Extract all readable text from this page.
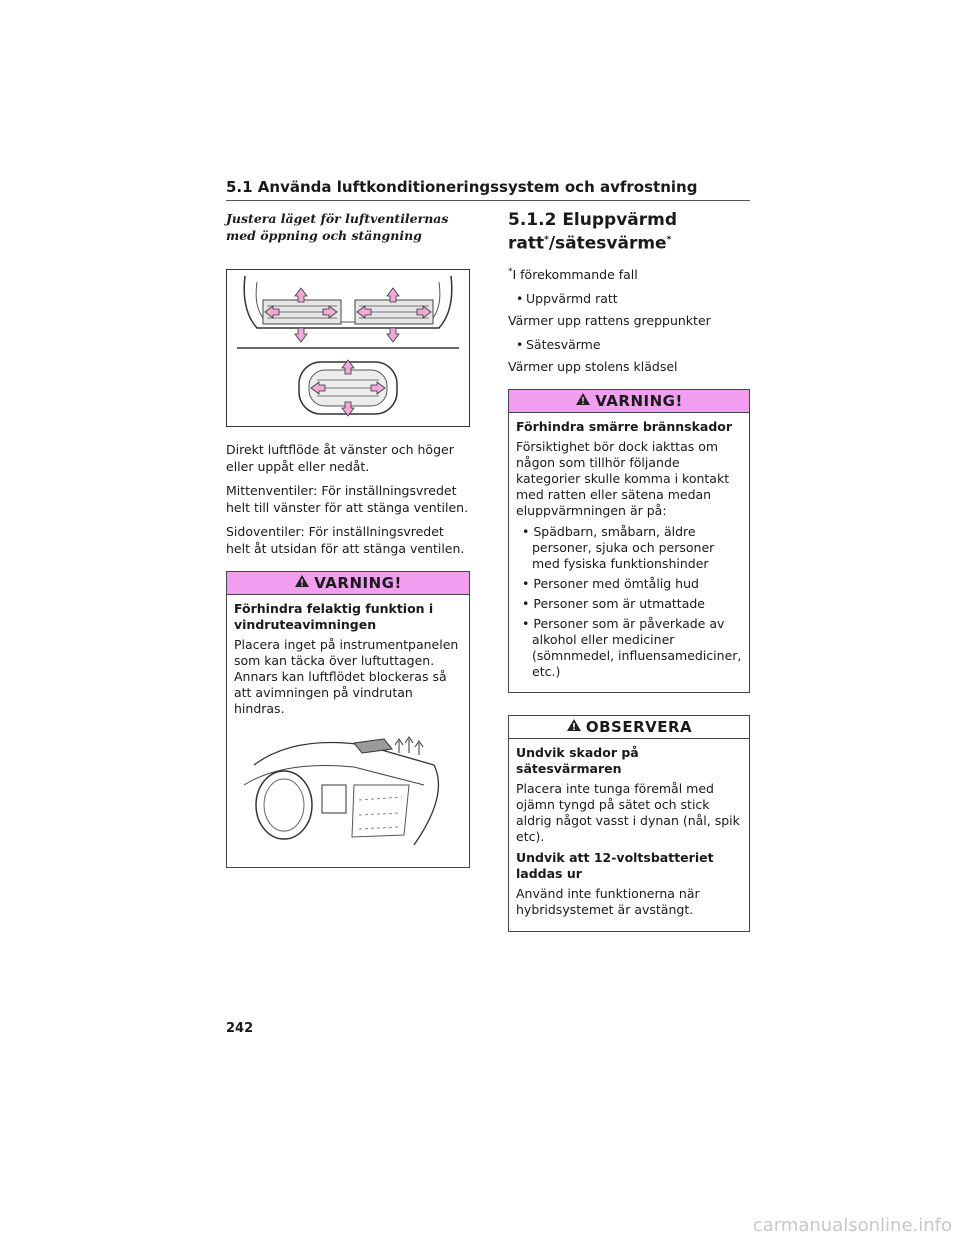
5.1 Använda luftkonditioneringssystem och avfrostning
Justera läget för luftventilernas med öppning och stängning

Direkt luftflöde åt vänster och höger eller uppåt eller nedåt.

Mittenventiler: För inställningsvredet helt till vänster för att stänga ventilen.

Sidoventiler: För inställningsvredet helt åt utsidan för att stänga ventilen.

VARNING!
Förhindra felaktig funktion i vindruteavimningen

Placera inget på instrumentpanelen som kan täcka över luftuttagen. Annars kan luftflödet blockeras så att avimningen på vindrutan hindras.

5.1.2 Eluppvärmd
ratt*/sätesvärme*

*I förekommande fall

• Uppvärmd ratt

Värmer upp rattens greppunkter

• Sätesvärme

Värmer upp stolens klädsel

VARNING!
Förhindra smärre brännskador

Försiktighet bör dock iakttas om någon som tillhör följande kategorier skulle komma i kontakt med ratten eller sätena medan eluppvärmningen är på:

• Spädbarn, småbarn, äldre personer, sjuka och personer med fysiska funktionshinder
• Personer med ömtålig hud
• Personer som är utmattade
• Personer som är påverkade av alkohol eller mediciner (sömnmedel, influensamediciner, etc.)
OBSERVERA
Undvik skador på sätesvärmaren

Placera inte tunga föremål med ojämn tyngd på sätet och stick aldrig något vasst i dynan (nål, spik etc).

Undvik att 12-voltsbatteriet laddas ur

Använd inte funktionerna när hybridsystemet är avstängt.

242
carmanualsonline.info
